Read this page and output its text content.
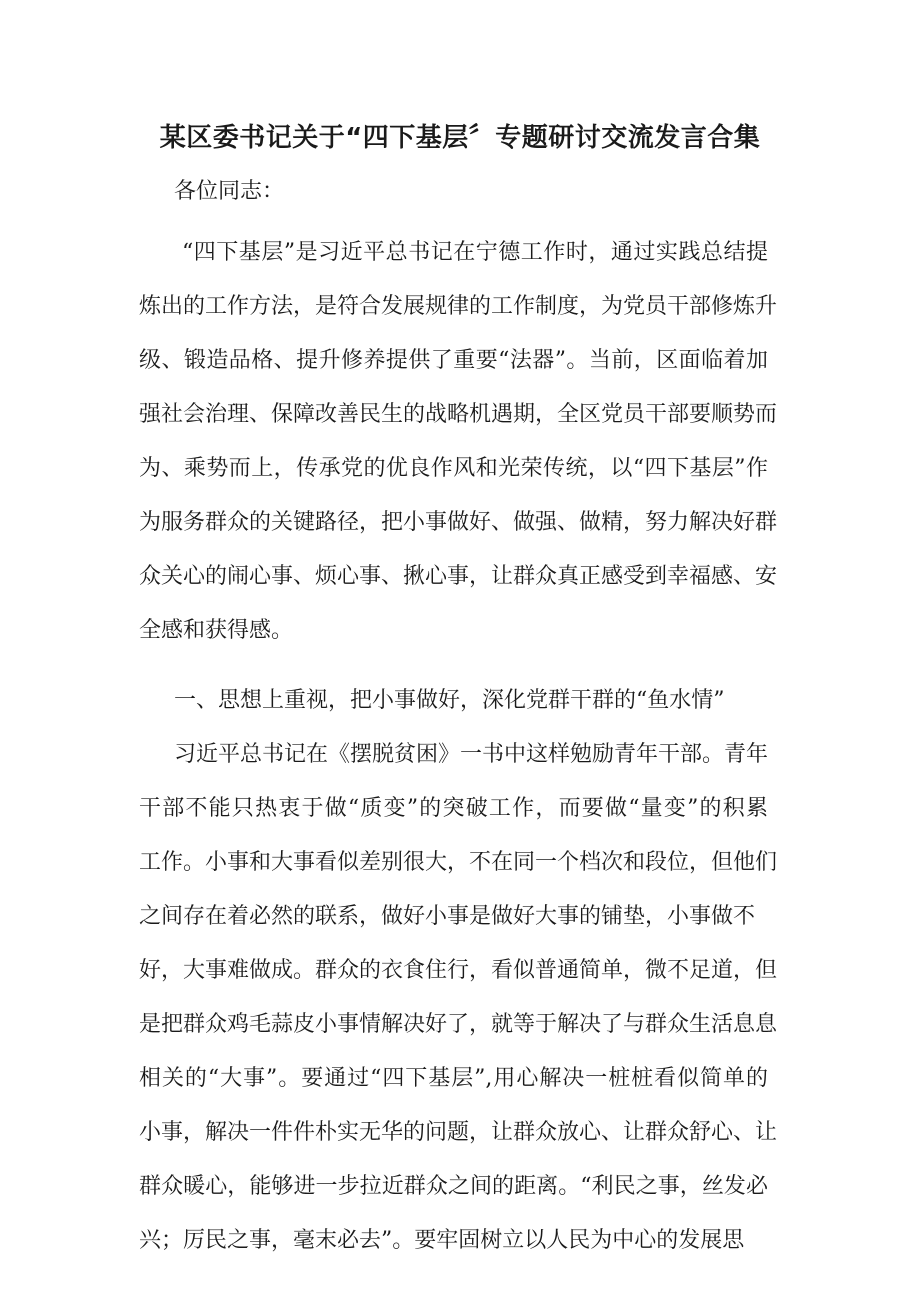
某区委书记关于“四下基层〞专题研讨交流发言合集
各位同志：
“四下基层”是习近平总书记在宁德工作时，通过实践总结提
炼出的工作方法，是符合发展规律的工作制度，为党员干部修炼升
级、锻造品格、提升修养提供了重要“法器”。当前，区面临着加
强社会治理、保障改善民生的战略机遇期，全区党员干部要顺势而
为、乘势而上，传承党的优良作风和光荣传统，以“四下基层”作
为服务群众的关键路径，把小事做好、做强、做精，努力解决好群
众关心的闹心事、烦心事、揪心事，让群众真正感受到幸福感、安
全感和获得感。
一、思想上重视，把小事做好，深化党群干群的“鱼水情”
习近平总书记在《摆脱贫困》一书中这样勉励青年干部。青年
干部不能只热衷于做“质变”的突破工作，而要做“量变”的积累
工作。小事和大事看似差别很大，不在同一个档次和段位，但他们
之间存在着必然的联系，做好小事是做好大事的铺垫，小事做不
好，大事难做成。群众的衣食住行，看似普通简单，微不足道，但
是把群众鸡毛蒜皮小事情解决好了，就等于解决了与群众生活息息
相关的“大事”。要通过“四下基层”,用心解决一桩桩看似简单的
小事，解决一件件朴实无华的问题，让群众放心、让群众舒心、让
群众暖心，能够进一步拉近群众之间的距离。“利民之事，丝发必
兴；厉民之事，毫末必去”。要牢固树立以人民为中心的发展思
